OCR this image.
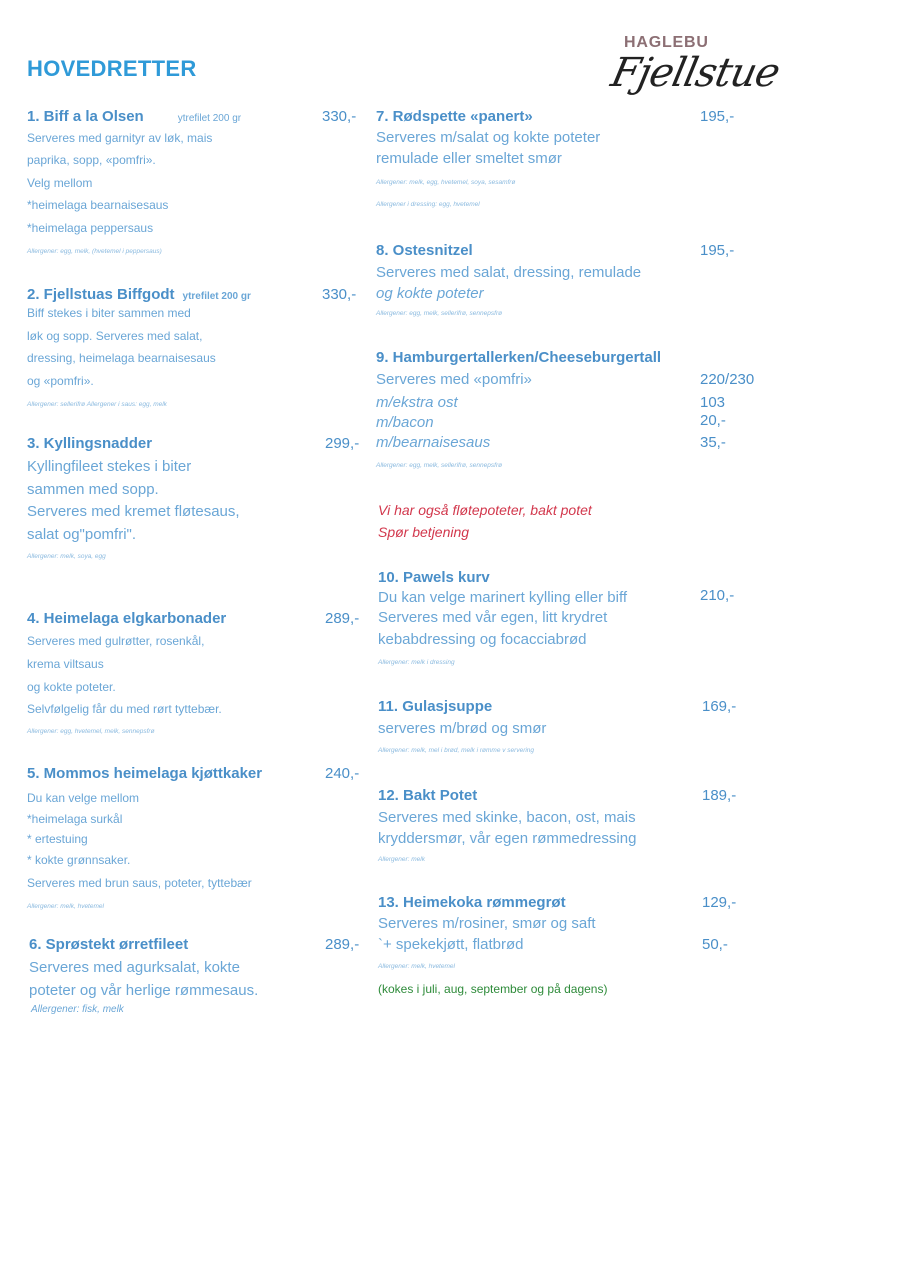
HOVEDRETTER
HAGLEBU
Fjellstue
1. Biff a la Olsen	ytrefilet 200 gr	330,-
Serveres med garnityr av løk, mais
paprika, sopp, «pomfri».
Velg mellom
*heimelaga bearnaisesaus
*heimelaga peppersaus
Allergener: egg, melk, (hvetemel i peppersaus)
2. Fjellstuas Biffgodt ytrefilet 200 gr	330,-
Biff stekes i biter sammen med
løk og sopp. Serveres med salat,
dressing, heimelaga bearnaisesaus
og «pomfri».
Allergener: sellerifrø Allergener i saus: egg, melk
3. Kyllingsnadder	299,-
Kyllingfileet stekes i biter
sammen med sopp.
Serveres med kremet fløtesaus,
salat og"pomfri".
Allergener: melk, soya, egg
4. Heimelaga elgkarbonader	289,-
Serveres med gulrøtter, rosenkål,
krema viltsaus
og kokte poteter.
Selvfølgelig får du med rørt tyttebær.
Allergener: egg, hvetemel, melk, sennepsfrø
5. Mommos heimelaga kjøttkaker	240,-
Du kan velge mellom
*heimelaga surkål
* ertestuing
* kokte grønnsaker.
Serveres med brun saus, poteter, tyttebær
Allergener: melk, hvetemel
6. Sprøstekt ørretfileet	289,-
Serveres med agurksalat, kokte
poteter og vår herlige rømmesaus.
Allergener: fisk, melk
7. Rødspette «panert»	195,-
Serveres m/salat og kokte poteter
remulade eller smeltet smør
Allergener: melk, egg, hvetemel, soya, sesamfrø
Allergener i dressing: egg, hvetemel
8. Ostesnitzel	195,-
Serveres med salat, dressing, remulade
og kokte poteter
Allergener: egg, melk, sellerifrø, sennepsfrø
9. Hamburgertallerken/Cheeseburgertall
Serveres med «pomfri»	220/230
m/ekstra ost	103
m/bacon	20,-
m/bearnaisesaus	35,-
Allergener: egg, melk, sellerifrø, sennepsfrø
Vi har også fløtepoteter, bakt potet
Spør betjening
10. Pawels kurv
Du kan velge marinert kylling eller biff	210,-
Serveres med vår egen, litt krydret
kebabdressing og focacciabrød
Allergener: melk i dressing
11. Gulasjsuppe	169,-
serveres m/brød og smør
Allergener: melk, mel i brød, melk i rømme v servering
12. Bakt Potet	189,-
Serveres med skinke, bacon, ost, mais
kryddersmør, vår egen rømmedressing
Allergener: melk
13. Heimekoka rømmegrøt	129,-
Serveres m/rosiner, smør og saft
`+ spekekjøtt, flatbrød	50,-
Allergener: melk, hvetemel
(kokes i juli, aug, september og på dagens)
